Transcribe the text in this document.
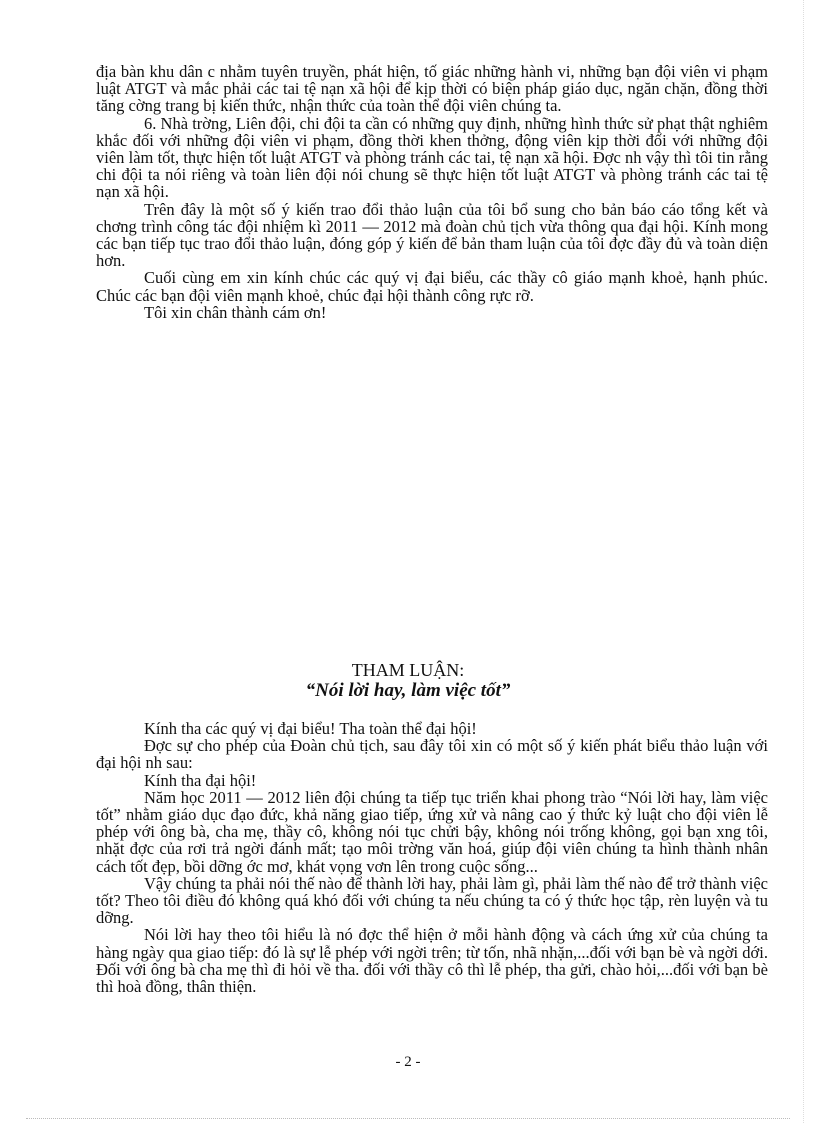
địa bàn khu dân c nhằm tuyên truyền, phát hiện, tố giác những hành vi, những bạn đội viên vi phạm luật ATGT và mắc phải các tai tệ nạn xã hội để kịp thời có biện pháp giáo dục, ngăn chặn, đồng thời tăng cờng trang bị kiến thức, nhận thức của toàn thể đội viên chúng ta.

6. Nhà trờng, Liên đội, chi đội ta cần có những quy định, những hình thức sử phạt thật nghiêm khắc đối với những đội viên vi phạm, đồng thời khen thởng, động viên kịp thời đối với những đội viên làm tốt, thực hiện tốt luật ATGT và phòng tránh các tai, tệ nạn xã hội. Đợc nh vậy thì tôi tin rằng chi đội ta nói riêng và toàn liên đội nói chung sẽ thực hiện tốt luật ATGT và phòng tránh các tai tệ nạn xã hội.

Trên đây là một số ý kiến trao đổi thảo luận của tôi bổ sung cho bản báo cáo tổng kết và chơng trình công tác đội nhiệm kì 2011 — 2012 mà đoàn chủ tịch vừa thông qua đại hội. Kính mong các bạn tiếp tục trao đổi thảo luận, đóng góp ý kiến để bản tham luận của tôi đợc đầy đủ và toàn diện hơn.

Cuối cùng em xin kính chúc các quý vị đại biểu, các thầy cô giáo mạnh khoẻ, hạnh phúc. Chúc các bạn đội viên mạnh khoẻ, chúc đại hội thành công rực rỡ.

Tôi xin chân thành cám ơn!

THAM LUẬN:
“Nói lời hay, làm việc tốt”

Kính tha các quý vị đại biểu! Tha toàn thể đại hội!

Đợc sự cho phép của Đoàn chủ tịch, sau đây tôi xin có một số ý kiến phát biểu thảo luận với đại hội nh sau:

Kính tha đại hội!

Năm học 2011 — 2012 liên đội chúng ta tiếp tục triển khai phong trào “Nói lời hay, làm việc tốt” nhằm giáo dục đạo đức, khả năng giao tiếp, ứng xử và nâng cao ý thức kỷ luật cho đội viên lễ phép với ông bà, cha mẹ, thầy cô, không nói tục chửi bậy, không nói trống không, gọi bạn xng tôi, nhặt đợc của rơi trả ngời đánh mất; tạo môi trờng văn hoá, giúp đội viên chúng ta hình thành nhân cách tốt đẹp, bồi dỡng ớc mơ, khát vọng vơn lên trong cuộc sống...

Vậy chúng ta phải nói thế nào để thành lời hay, phải làm gì, phải làm thế nào để trở thành việc tốt? Theo tôi điều đó không quá khó đối với chúng ta nếu chúng ta có ý thức học tập, rèn luyện và tu dỡng.

Nói lời hay theo tôi hiểu là nó đợc thể hiện ở mỗi hành động và cách ứng xử của chúng ta hàng ngày qua giao tiếp: đó là sự lễ phép với ngời trên; từ tốn, nhã nhặn,...đối với bạn bè và ngời dới. Đối với ông bà cha mẹ thì đi hỏi về tha. đối với thầy cô thì lễ phép, tha gửi, chào hỏi,...đối với bạn bè thì hoà đồng, thân thiện.

- 2 -
